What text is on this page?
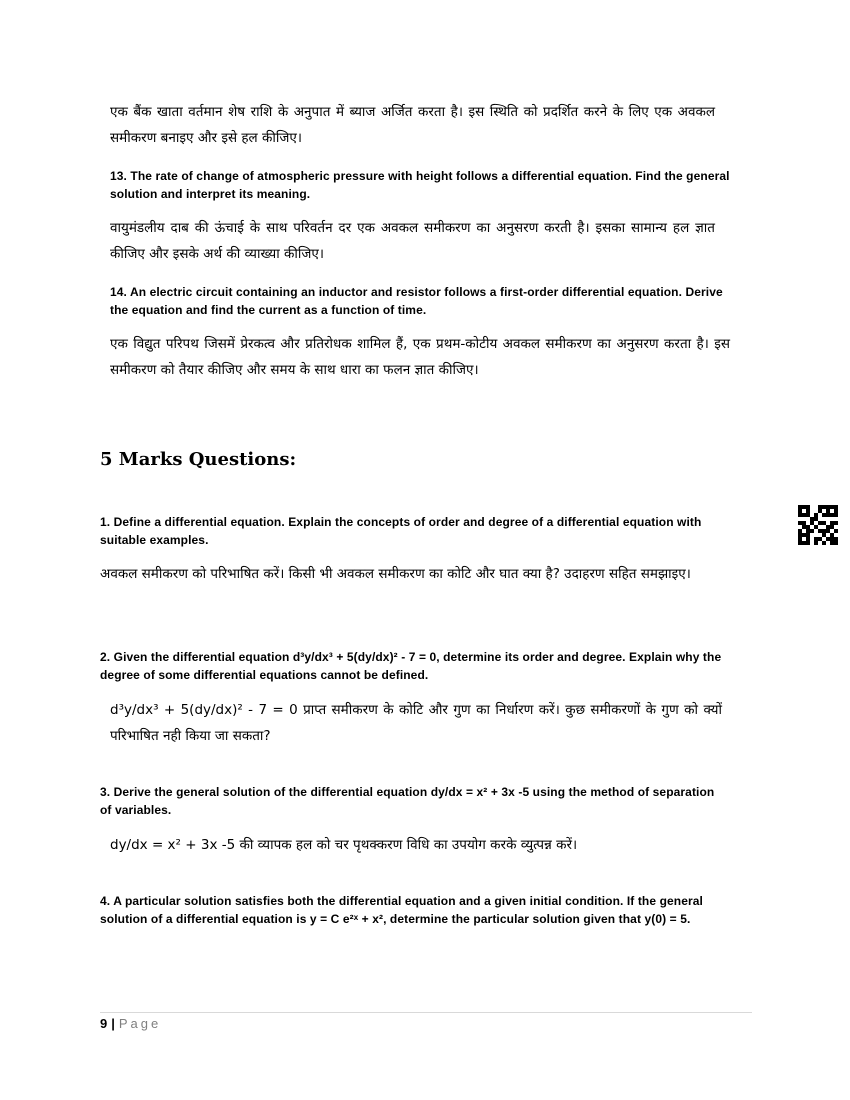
एक बैंक खाता वर्तमान शेष राशि के अनुपात में ब्याज अर्जित करता है। इस स्थिति को प्रदर्शित करने के लिए एक अवकल समीकरण बनाइए और इसे हल कीजिए।

13. The rate of change of atmospheric pressure with height follows a differential equation. Find the general solution and interpret its meaning.

वायुमंडलीय दाब की ऊंचाई के साथ परिवर्तन दर एक अवकल समीकरण का अनुसरण करती है। इसका सामान्य हल ज्ञात कीजिए और इसके अर्थ की व्याख्या कीजिए।

14. An electric circuit containing an inductor and resistor follows a first-order differential equation. Derive the equation and find the current as a function of time.

एक विद्युत परिपथ जिसमें प्रेरकत्व और प्रतिरोधक शामिल हैं, एक प्रथम-कोटीय अवकल समीकरण का अनुसरण करता है। इस समीकरण को तैयार कीजिए और समय के साथ धारा का फलन ज्ञात कीजिए।

5 Marks Questions:

1. Define a differential equation. Explain the concepts of order and degree of a differential equation with suitable examples.

अवकल समीकरण को परिभाषित करें। किसी भी अवकल समीकरण का कोटि और घात क्या है? उदाहरण सहित समझाइए।

2. Given the differential equation d³y/dx³ + 5(dy/dx)² - 7 = 0, determine its order and degree. Explain why the degree of some differential equations cannot be defined.

d³y/dx³ + 5(dy/dx)² - 7 = 0 प्राप्त समीकरण के कोटि और गुण का निर्धारण करें। कुछ समीकरणों के गुण को क्यों परिभाषित नही किया जा सकता?

3. Derive the general solution of the differential equation dy/dx = x² + 3x -5 using the method of separation of variables.

dy/dx = x² + 3x -5 की व्यापक हल को चर पृथक्करण विधि का उपयोग करके व्युत्पन्न करें।

4. A particular solution satisfies both the differential equation and a given initial condition. If the general solution of a differential equation is y = C e²ˣ + x², determine the particular solution given that y(0) = 5.

9 | Page
